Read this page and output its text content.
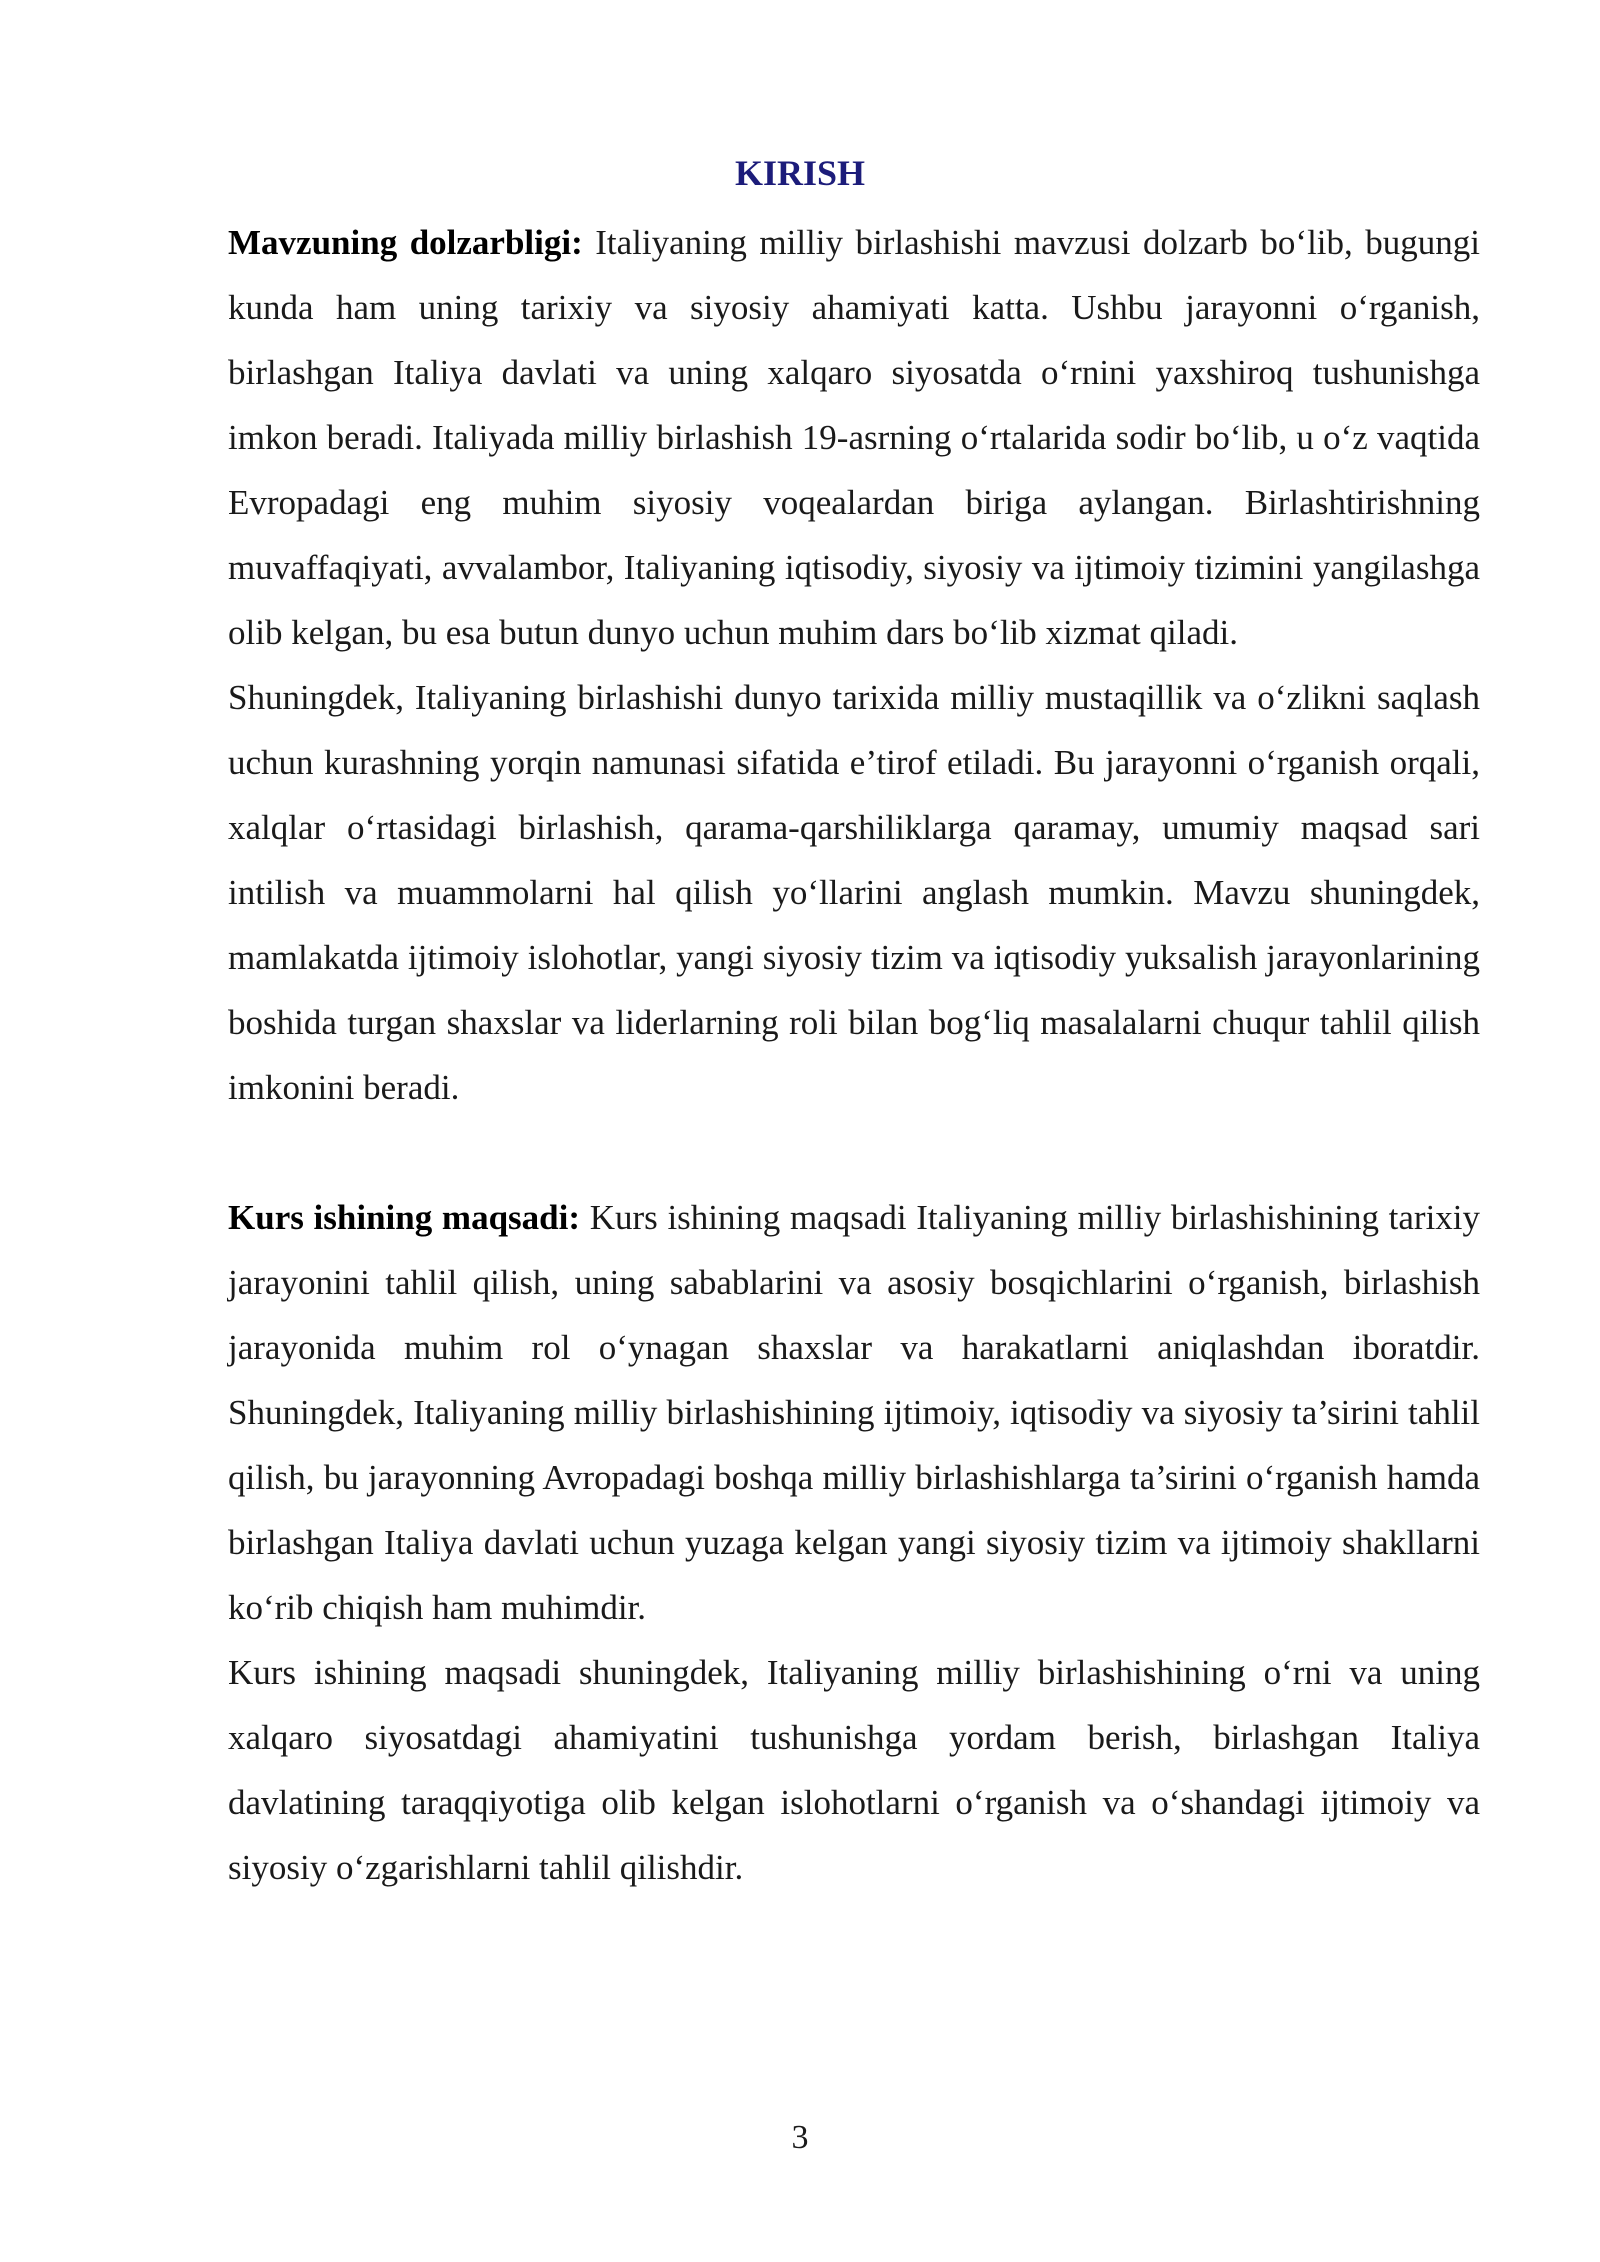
KIRISH

Mavzuning dolzarbligi: Italiyaning milliy birlashishi mavzusi dolzarb bo‘lib, bugungi kunda ham uning tarixiy va siyosiy ahamiyati katta. Ushbu jarayonni o‘rganish, birlashgan Italiya davlati va uning xalqaro siyosatda o‘rnini yaxshiroq tushunishga imkon beradi. Italiyada milliy birlashish 19-asrning o‘rtalarida sodir bo‘lib, u o‘z vaqtida Evropadagi eng muhim siyosiy voqealardan biriga aylangan. Birlashtirishning muvaffaqiyati, avvalambor, Italiyaning iqtisodiy, siyosiy va ijtimoiy tizimini yangilashga olib kelgan, bu esa butun dunyo uchun muhim dars bo‘lib xizmat qiladi.

Shuningdek, Italiyaning birlashishi dunyo tarixida milliy mustaqillik va o‘zlikni saqlash uchun kurashning yorqin namunasi sifatida e’tirof etiladi. Bu jarayonni o‘rganish orqali, xalqlar o‘rtasidagi birlashish, qarama-qarshiliklarga qaramay, umumiy maqsad sari intilish va muammolarni hal qilish yo‘llarini anglash mumkin. Mavzu shuningdek, mamlakatda ijtimoiy islohotlar, yangi siyosiy tizim va iqtisodiy yuksalish jarayonlarining boshida turgan shaxslar va liderlarning roli bilan bog‘liq masalalarni chuqur tahlil qilish imkonini beradi.

Kurs ishining maqsadi: Kurs ishining maqsadi Italiyaning milliy birlashishining tarixiy jarayonini tahlil qilish, uning sabablarini va asosiy bosqichlarini o‘rganish, birlashish jarayonida muhim rol o‘ynagan shaxslar va harakatlarni aniqlashdan iboratdir. Shuningdek, Italiyaning milliy birlashishining ijtimoiy, iqtisodiy va siyosiy ta’sirini tahlil qilish, bu jarayonning Avropadagi boshqa milliy birlashishlarga ta’sirini o‘rganish hamda birlashgan Italiya davlati uchun yuzaga kelgan yangi siyosiy tizim va ijtimoiy shakllarni ko‘rib chiqish ham muhimdir.

Kurs ishining maqsadi shuningdek, Italiyaning milliy birlashishining o‘rni va uning xalqaro siyosatdagi ahamiyatini tushunishga yordam berish, birlashgan Italiya davlatining taraqqiyotiga olib kelgan islohotlarni o‘rganish va o‘shandagi ijtimoiy va siyosiy o‘zgarishlarni tahlil qilishdir.

3
